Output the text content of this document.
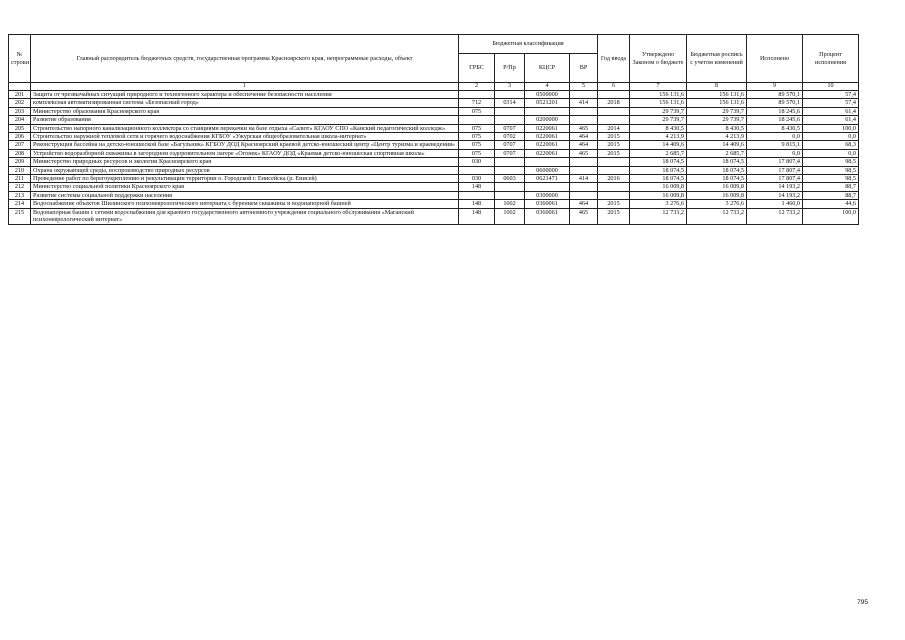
№ строки	Главный распорядитель бюджетных средств, государственная программа Красноярского края, непрограммные расходы, объект	Бюджетная классификация				Год ввода	Утверждено Законом о бюджете	Бюджетная роспись с учетом изменений	Исполнено	Процент исполнения
		ГРБС	Р/Пр	КЦСР	ВР					
	1	2	3	4	5	6	7	8	9	10
201	Защита от чрезвычайных ситуаций природного и техногенного характера и обеспечение безопасности населения			0500000			156 131,6	156 131,6	89 570,1	57,4
202	комплексная автоматизированная система «Безопасный город»	712	0314	0521201	414	2018	156 131,6	156 131,6	89 570,1	57,4
203	Министерство образования Красноярского края	075					29 739,7	29 739,7	18 245,6	61,4
204	Развитие образования			0200000			29 739,7	29 739,7	18 245,6	61,4
205	Строительство напорного канализационного коллектора со станциями перекачки на базе отдыха «Салют» КГАОУ СПО «Канский педагогический колледж»	075	0707	0220061	465	2014	8 430,5	8 430,5	8 430,5	100,0
206	Строительство наружной тепловой сети и горячего водоснабжения КГБОУ «Ужурская общеобразовательная школа-интернат»	075	0702	0220061	464	2015	4 213,9	4 213,9	0,0	0,0
207	Реконструкция бассейна на детско-юношеской базе «Багульник» КГБОУ ДОД Красноярский краевой детско-юношеский центр «Центр туризма и краеведения»	075	0707	0220061	464	2015	14 409,6	14 409,6	9 815,1	68,3
208	Устройство водоразборной скважины в загородном оздоровительном лагере «Огонек» КГАОУ ДОД «Краевая детско-юношеская спортивная школа»	075	0707	0220061	465	2015	2 685,7	2 685,7	0,0	0,0
209	Министерство природных ресурсов и экологии Красноярского края	030					18 074,5	18 074,5	17 807,4	98,5
210	Охрана окружающей среды, воспроизводство природных ресурсов			0600000			18 074,5	18 074,5	17 807,4	98,5
211	Проведение работ по берегоукреплению и рекультивации территории о. Городской г. Енисейска (р. Енисей)	030	0603	0621471	414	2016	18 074,5	18 074,5	17 807,4	98,5
212	Министерство социальной политики Красноярского края	148					16 009,8	16 009,8	14 193,2	88,7
213	Развитие системы социальной поддержки населения			0300000			16 009,8	16 009,8	14 193,2	88,7
214	Водоснабжение объектов Шилинского психоневрологического интерната с бурением скважины и водонапорной башней	148	1002	0360061	464	2015	3 276,6	3 276,6	1 460,0	44,6
215	Водонапорная башня с сетями водоснабжения для краевого государственного автономного учреждения социального обслуживания «Маганский психоневрологический интернат»	148	1002	0360061	465	2015	12 733,2	12 733,2	12 733,2	100,0
795
